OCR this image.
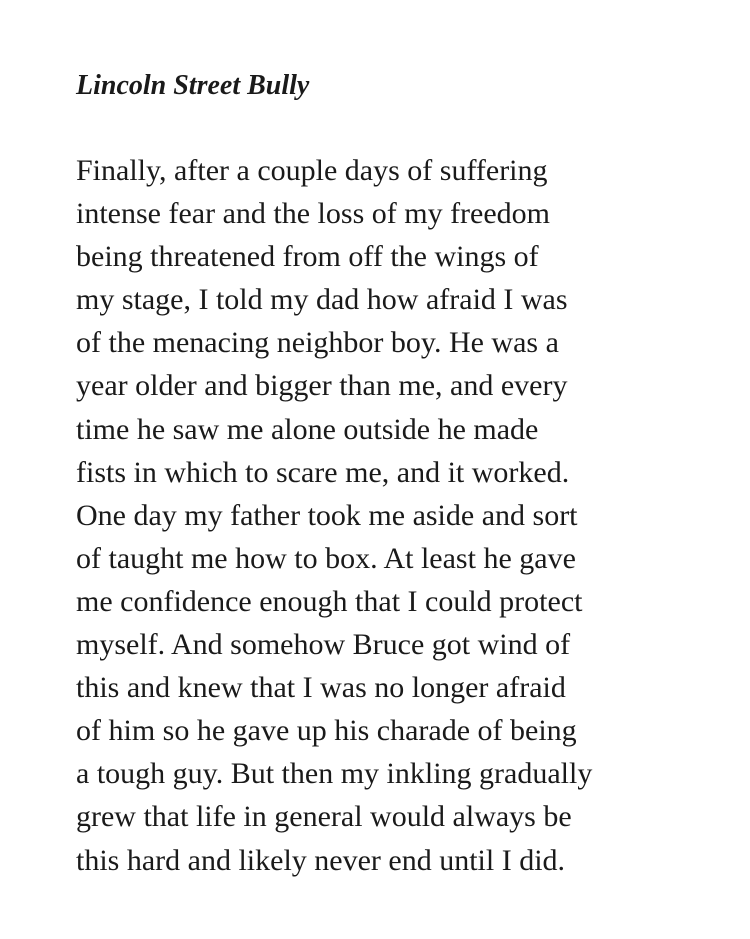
Lincoln Street Bully

Finally, after a couple days of suffering
intense fear and the loss of my freedom
being threatened from off the wings of
my stage, I told my dad how afraid I was
of the menacing neighbor boy. He was a
year older and bigger than me, and every
time he saw me alone outside he made
fists in which to scare me, and it worked.
One day my father took me aside and sort
of taught me how to box. At least he gave
me confidence enough that I could protect
myself. And somehow Bruce got wind of
this and knew that I was no longer afraid
of him so he gave up his charade of being
a tough guy. But then my inkling gradually
grew that life in general would always be
this hard and likely never end until I did.
